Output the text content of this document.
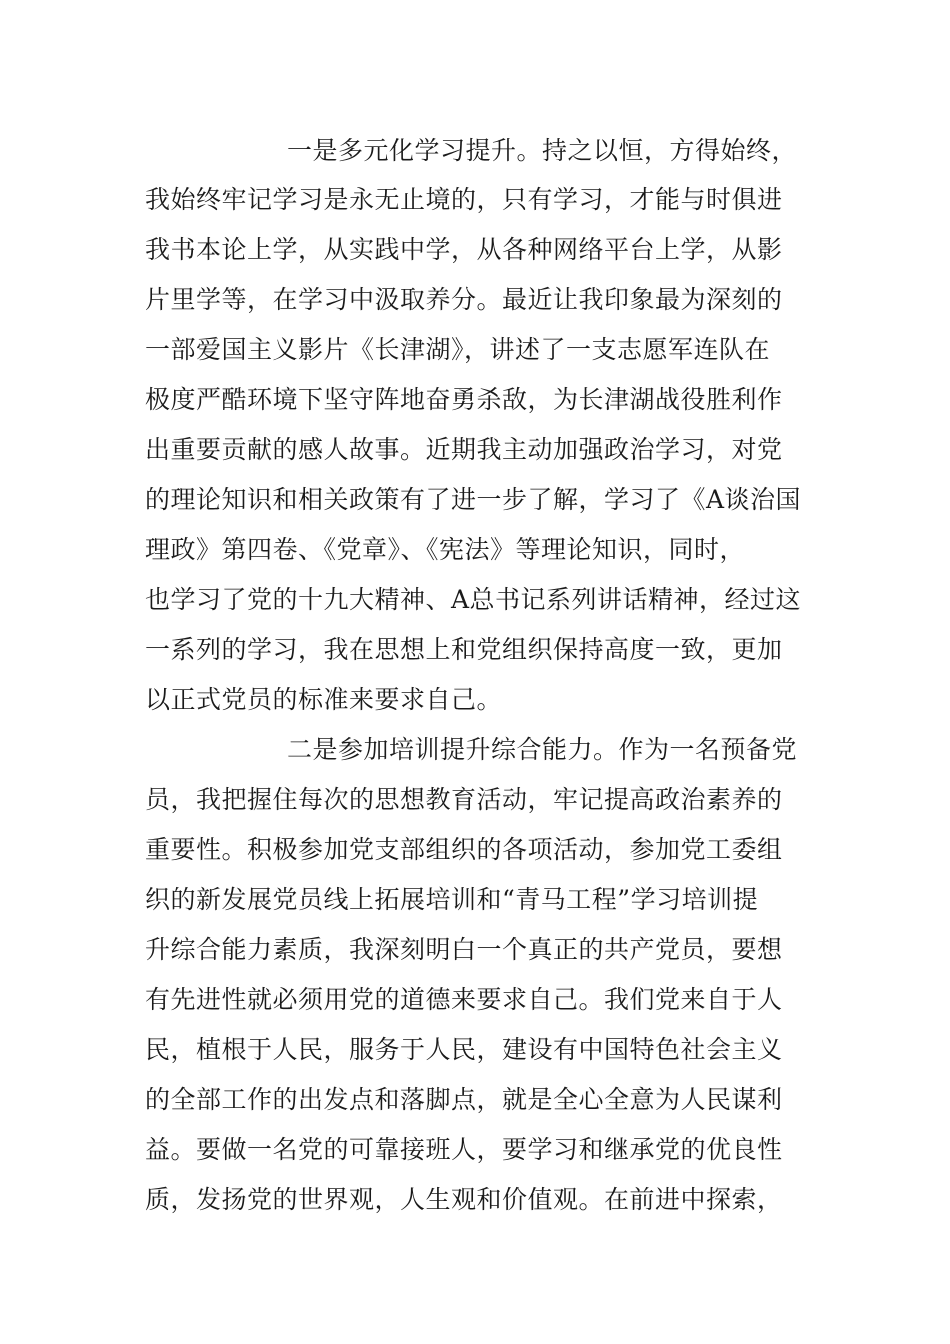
一是多元化学习提升。持之以恒，方得始终，
我始终牢记学习是永无止境的，只有学习，才能与时俱进
我书本论上学，从实践中学，从各种网络平台上学，从影
片里学等，在学习中汲取养分。最近让我印象最为深刻的
一部爱国主义影片《长津湖》，讲述了一支志愿军连队在
极度严酷环境下坚守阵地奋勇杀敌，为长津湖战役胜利作
出重要贡献的感人故事。近期我主动加强政治学习，对党
的理论知识和相关政策有了进一步了解，学习了《A谈治国
理政》第四卷、《党章》、《宪法》等理论知识，同时，
也学习了党的十九大精神、A总书记系列讲话精神，经过这
一系列的学习，我在思想上和党组织保持高度一致，更加
以正式党员的标准来要求自己。
二是参加培训提升综合能力。作为一名预备党
员，我把握住每次的思想教育活动，牢记提高政治素养的
重要性。积极参加党支部组织的各项活动，参加党工委组
织的新发展党员线上拓展培训和“青马工程”学习培训提
升综合能力素质，我深刻明白一个真正的共产党员，要想
有先进性就必须用党的道德来要求自己。我们党来自于人
民，植根于人民，服务于人民，建设有中国特色社会主义
的全部工作的出发点和落脚点，就是全心全意为人民谋利
益。要做一名党的可靠接班人，要学习和继承党的优良性
质，发扬党的世界观，人生观和价值观。在前进中探索，
